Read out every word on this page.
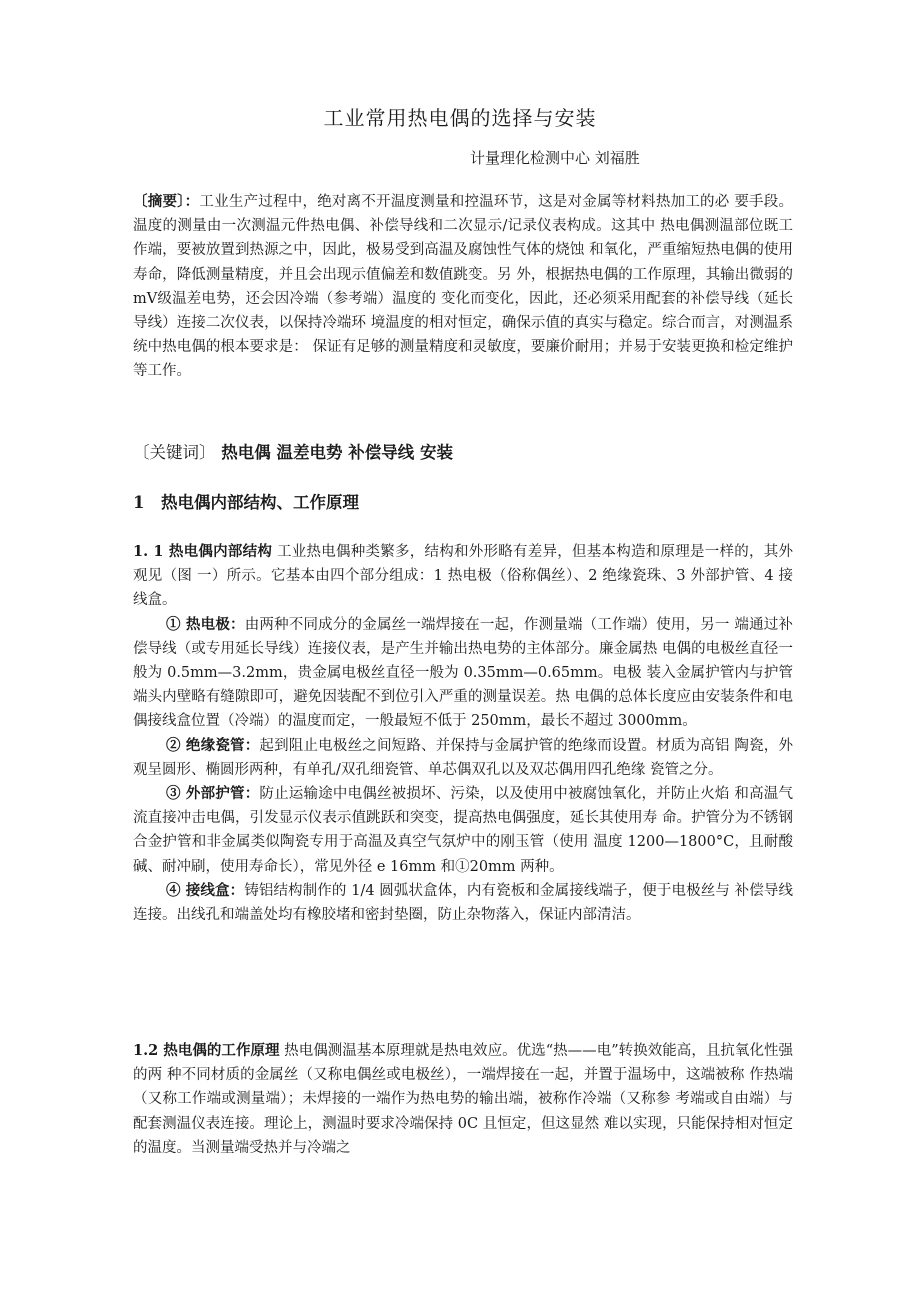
工业常用热电偶的选择与安装
计量理化检测中心 刘福胜

〔摘要〕：工业生产过程中，绝对离不开温度测量和控温环节，这是对金属等材料热加工的必 要手段。温度的测量由一次测温元件热电偶、补偿导线和二次显示/记录仪表构成。这其中 热电偶测温部位既工作端，要被放置到热源之中，因此，极易受到高温及腐蚀性气体的烧蚀 和氧化，严重缩短热电偶的使用寿命，降低测量精度，并且会出现示值偏差和数值跳变。另 外，根据热电偶的工作原理，其输出微弱的mV级温差电势，还会因冷端（参考端）温度的 变化而变化，因此，还必须采用配套的补偿导线（延长导线）连接二次仪表，以保持冷端环 境温度的相对恒定，确保示值的真实与稳定。综合而言，对测温系统中热电偶的根本要求是： 保证有足够的测量精度和灵敏度，要廉价耐用；并易于安装更换和检定维护等工作。

〔关键词〕 热电偶 温差电势 补偿导线 安装
1 热电偶内部结构、工作原理

1. 1 热电偶内部结构 工业热电偶种类繁多，结构和外形略有差异，但基本构造和原理是一样的，其外观见（图 一）所示。它基本由四个部分组成：1 热电极（俗称偶丝）、2 绝缘瓷珠、3 外部护管、4 接 线盒。

① 热电极：由两种不同成分的金属丝一端焊接在一起，作测量端（工作端）使用，另一 端通过补偿导线（或专用延长导线）连接仪表，是产生并输出热电势的主体部分。廉金属热 电偶的电极丝直径一般为 0.5mm—3.2mm，贵金属电极丝直径一般为 0.35mm—0.65mm。电极 装入金属护管内与护管端头内壁略有缝隙即可，避免因装配不到位引入严重的测量误差。热 电偶的总体长度应由安装条件和电偶接线盒位置（冷端）的温度而定，一般最短不低于 250mm，最长不超过 3000mm。

② 绝缘瓷管：起到阻止电极丝之间短路、并保持与金属护管的绝缘而设置。材质为高铝 陶瓷，外观呈圆形、椭圆形两种，有单孔/双孔细瓷管、单芯偶双孔以及双芯偶用四孔绝缘 瓷管之分。

③ 外部护管：防止运输途中电偶丝被损坏、污染，以及使用中被腐蚀氧化，并防止火焰 和高温气流直接冲击电偶，引发显示仪表示值跳跃和突变，提高热电偶强度，延长其使用寿 命。护管分为不锈钢合金护管和非金属类似陶瓷专用于高温及真空气氛炉中的刚玉管（使用 温度 1200—1800°C，且耐酸碱、耐冲刷，使用寿命长），常见外径 e 16mm 和①20mm 两种。

④ 接线盒：铸铝结构制作的 1/4 圆弧状盒体，内有瓷板和金属接线端子，便于电极丝与 补偿导线连接。出线孔和端盖处均有橡胶堵和密封垫圈，防止杂物落入，保证内部清洁。

1.2 热电偶的工作原理 热电偶测温基本原理就是热电效应。优选“热——电”转换效能高，且抗氧化性强的两 种不同材质的金属丝（又称电偶丝或电极丝），一端焊接在一起，并置于温场中，这端被称 作热端（又称工作端或测量端）；未焊接的一端作为热电势的输出端，被称作冷端（又称参 考端或自由端）与配套测温仪表连接。理论上，测温时要求冷端保持 0C 且恒定，但这显然 难以实现，只能保持相对恒定的温度。当测量端受热并与冷端之
